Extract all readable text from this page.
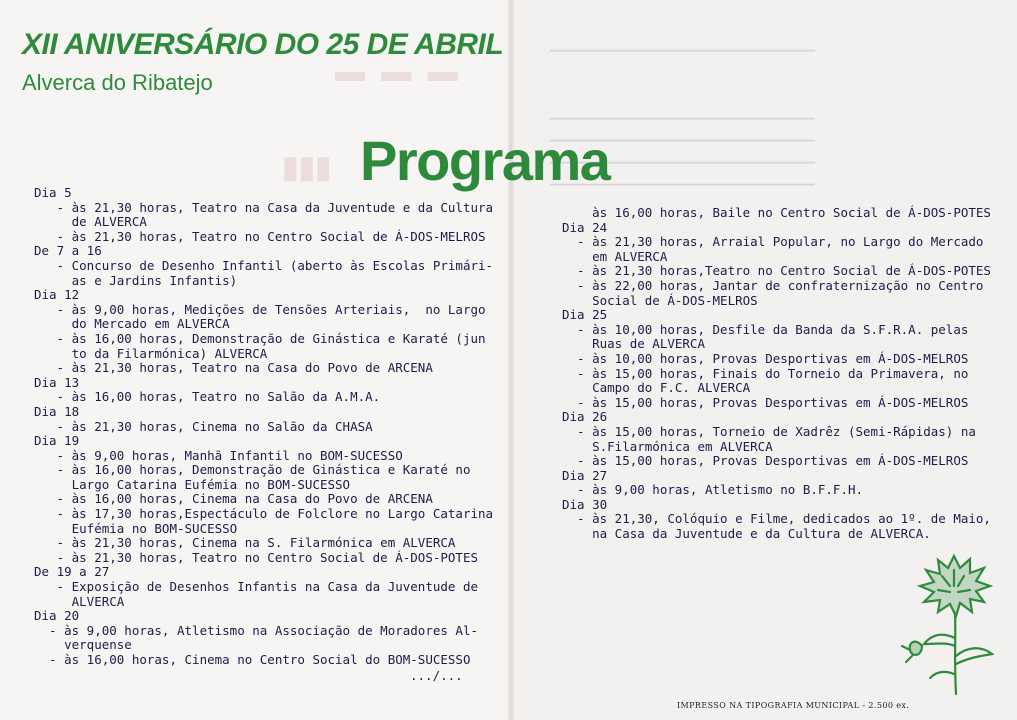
▬ ▬ ▬
▮▮▮
▔▔▔▔▔▔▔▔▔▔▔▔▔▔▔▔▔▔▔▔▔▔▔▔▔▔▔▔▔▔▔▔▔▔▔▔▔▔▔▔
▔▔▔▔▔▔▔▔▔▔▔▔▔▔▔▔▔▔▔▔▔▔▔▔▔▔▔▔▔▔▔▔▔▔▔▔▔▔▔▔
▔▔▔▔▔▔▔▔▔▔▔▔▔▔▔▔▔▔▔▔▔▔▔▔▔▔▔▔▔▔▔▔▔▔▔▔▔▔▔▔
▔▔▔▔▔▔▔▔▔▔▔▔▔▔▔▔▔▔▔▔▔▔▔▔▔▔▔▔▔▔▔▔▔▔▔▔▔▔▔▔
▔▔▔▔▔▔▔▔▔▔▔▔▔▔▔▔▔▔▔▔▔▔▔▔▔▔▔▔▔▔▔▔▔▔▔▔▔▔▔▔
XII ANIVERSÁRIO DO 25 DE ABRIL
Alverca do Ribatejo
Programa
Dia 5
- às 21,30 horas, Teatro na Casa da Juventude e da Cultura
de ALVERCA
- às 21,30 horas, Teatro no Centro Social de Á-DOS-MELROS
De 7 a 16
- Concurso de Desenho Infantil (aberto às Escolas Primári-
as e Jardins Infantis)
Dia 12
- às 9,00 horas, Medições de Tensões Arteriais,  no Largo
do Mercado em ALVERCA
- às 16,00 horas, Demonstração de Ginástica e Karaté (jun
to da Filarmónica) ALVERCA
- às 21,30 horas, Teatro na Casa do Povo de ARCENA
Dia 13
- às 16,00 horas, Teatro no Salão da A.M.A.
Dia 18
- às 21,30 horas, Cinema no Salão da CHASA
Dia 19
- às 9,00 horas, Manhã Infantil no BOM-SUCESSO
- às 16,00 horas, Demonstração de Ginástica e Karaté no
Largo Catarina Eufémia no BOM-SUCESSO
- às 16,00 horas, Cinema na Casa do Povo de ARCENA
- às 17,30 horas,Espectáculo de Folclore no Largo Catarina
Eufémia no BOM-SUCESSO
- às 21,30 horas, Cinema na S. Filarmónica em ALVERCA
- às 21,30 horas, Teatro no Centro Social de Á-DOS-POTES
De 19 a 27
- Exposição de Desenhos Infantis na Casa da Juventude de
ALVERCA
Dia 20
- às 9,00 horas, Atletismo na Associação de Moradores Al-
verquense
- às 16,00 horas, Cinema no Centro Social do BOM-SUCESSO
.../...
às 16,00 horas, Baile no Centro Social de Á-DOS-POTES
Dia 24
- às 21,30 horas, Arraial Popular, no Largo do Mercado
em ALVERCA
- às 21,30 horas,Teatro no Centro Social de Á-DOS-POTES
- às 22,00 horas, Jantar de confraternização no Centro
Social de Á-DOS-MELROS
Dia 25
- às 10,00 horas, Desfile da Banda da S.F.R.A. pelas
Ruas de ALVERCA
- às 10,00 horas, Provas Desportivas em Á-DOS-MELROS
- às 15,00 horas, Finais do Torneio da Primavera, no
Campo do F.C. ALVERCA
- às 15,00 horas, Provas Desportivas em Á-DOS-MELROS
Dia 26
- às 15,00 horas, Torneio de Xadrêz (Semi-Rápidas) na
S.Filarmónica em ALVERCA
- às 15,00 horas, Provas Desportivas em Á-DOS-MELROS
Dia 27
- às 9,00 horas, Atletismo no B.F.F.H.
Dia 30
- às 21,30, Colóquio e Filme, dedicados ao 1º. de Maio,
na Casa da Juventude e da Cultura de ALVERCA.
IMPRESSO NA TIPOGRAFIA MUNICIPAL - 2.500 ex.
